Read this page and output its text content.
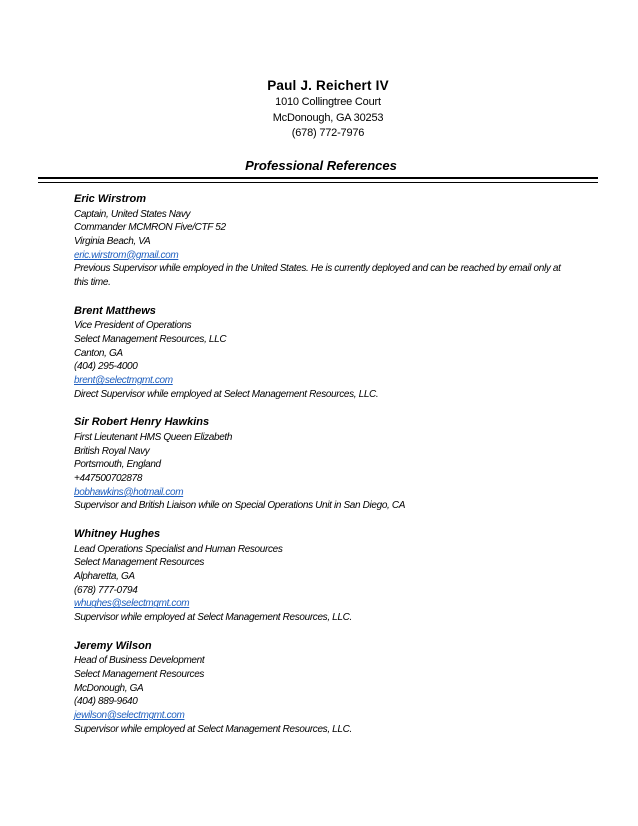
Paul J. Reichert IV
1010 Collingtree Court
McDonough, GA 30253
(678) 772-7976
Professional References
Eric Wirstrom
Captain, United States Navy
Commander MCMRON Five/CTF 52
Virginia Beach, VA
eric.wirstrom@gmail.com
Previous Supervisor while employed in the United States. He is currently deployed and can be reached by email only at this time.
Brent Matthews
Vice President of Operations
Select Management Resources, LLC
Canton, GA
(404) 295-4000
brent@selectmgmt.com
Direct Supervisor while employed at Select Management Resources, LLC.
Sir Robert Henry Hawkins
First Lieutenant HMS Queen Elizabeth
British Royal Navy
Portsmouth, England
+447500702878
bobhawkins@hotmail.com
Supervisor and British Liaison while on Special Operations Unit in San Diego, CA
Whitney Hughes
Lead Operations Specialist and Human Resources
Select Management Resources
Alpharetta, GA
(678) 777-0794
whughes@selectmgmt.com
Supervisor while employed at Select Management Resources, LLC.
Jeremy Wilson
Head of Business Development
Select Management Resources
McDonough, GA
(404) 889-9640
jewilson@selectmgmt.com
Supervisor while employed at Select Management Resources, LLC.
